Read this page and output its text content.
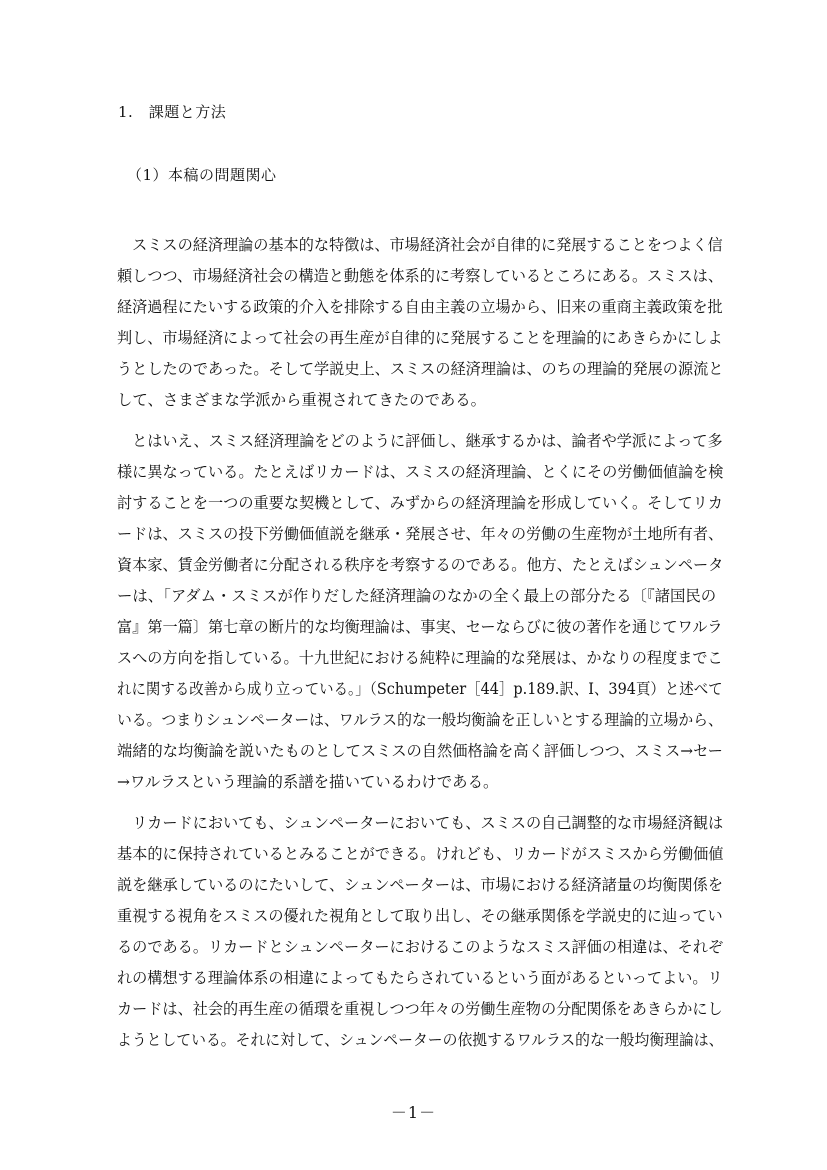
1.　課題と方法
（1）本稿の問題関心
　スミスの経済理論の基本的な特徴は、市場経済社会が自律的に発展することをつよく信
頼しつつ、市場経済社会の構造と動態を体系的に考察しているところにある。スミスは、
経済過程にたいする政策的介入を排除する自由主義の立場から、旧来の重商主義政策を批
判し、市場経済によって社会の再生産が自律的に発展することを理論的にあきらかにしよ
うとしたのであった。そして学説史上、スミスの経済理論は、のちの理論的発展の源流と
して、さまざまな学派から重視されてきたのである。
　とはいえ、スミス経済理論をどのように評価し、継承するかは、論者や学派によって多
様に異なっている。たとえばリカードは、スミスの経済理論、とくにその労働価値論を検
討することを一つの重要な契機として、みずからの経済理論を形成していく。そしてリカ
ードは、スミスの投下労働価値説を継承・発展させ、年々の労働の生産物が土地所有者、
資本家、賃金労働者に分配される秩序を考察するのである。他方、たとえばシュンペータ
ーは、「アダム・スミスが作りだした経済理論のなかの全く最上の部分たる〔『諸国民の
富』第一篇〕第七章の断片的な均衡理論は、事実、セーならびに彼の著作を通じてワルラ
スへの方向を指している。十九世紀における純粋に理論的な発展は、かなりの程度までこ
れに関する改善から成り立っている。」（Schumpeter［44］p.189.訳、I、394頁）と述べて
いる。つまりシュンペーターは、ワルラス的な一般均衡論を正しいとする理論的立場から、
端緒的な均衡論を説いたものとしてスミスの自然価格論を高く評価しつつ、スミス→セー
→ワルラスという理論的系譜を描いているわけである。
　リカードにおいても、シュンペーターにおいても、スミスの自己調整的な市場経済観は
基本的に保持されているとみることができる。けれども、リカードがスミスから労働価値
説を継承しているのにたいして、シュンペーターは、市場における経済諸量の均衡関係を
重視する視角をスミスの優れた視角として取り出し、その継承関係を学説史的に辿ってい
るのである。リカードとシュンペーターにおけるこのようなスミス評価の相違は、それぞ
れの構想する理論体系の相違によってもたらされているという面があるといってよい。リ
カードは、社会的再生産の循環を重視しつつ年々の労働生産物の分配関係をあきらかにし
ようとしている。それに対して、シュンペーターの依拠するワルラス的な一般均衡理論は、
－1－
